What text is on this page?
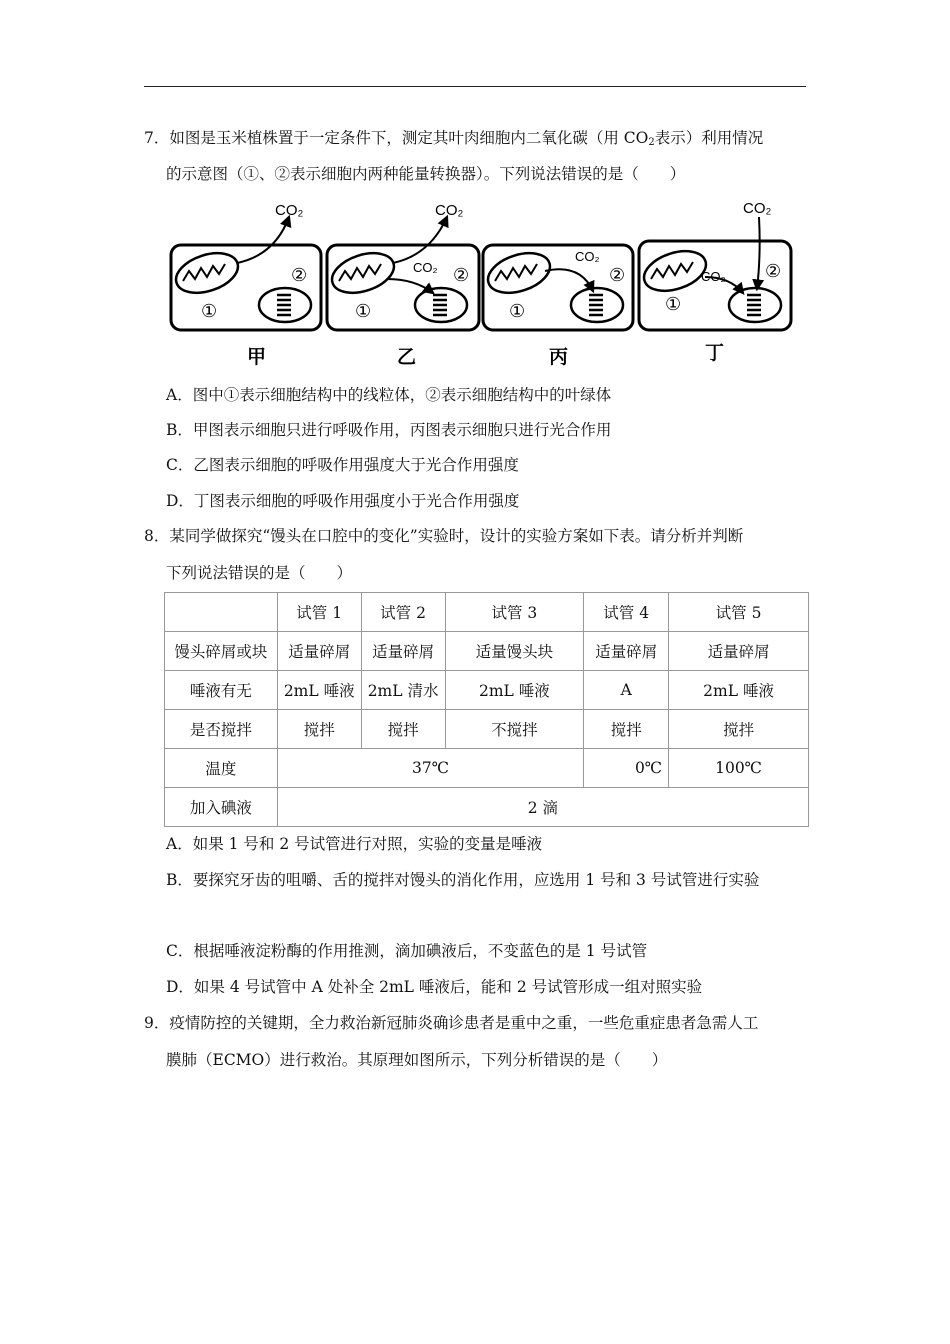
7．如图是玉米植株置于一定条件下，测定其叶肉细胞内二氧化碳（用 $CO_2$表示）利用情况
的示意图（①、②表示细胞内两种能量转换器）。下列说法错误的是（　　）
CO₂
①
②
CO₂
CO₂
①
②
CO₂
①
②
CO₂
CO₂
①
②
甲	乙	丙	丁
A．图中①表示细胞结构中的线粒体，②表示细胞结构中的叶绿体
B．甲图表示细胞只进行呼吸作用，丙图表示细胞只进行光合作用
C．乙图表示细胞的呼吸作用强度大于光合作用强度
D．丁图表示细胞的呼吸作用强度小于光合作用强度
8．某同学做探究“馒头在口腔中的变化”实验时，设计的实验方案如下表。请分析并判断
下列说法错误的是（　　）
	试管 1	试管 2	试管 3	试管 4	试管 5
馒头碎屑或块	适量碎屑	适量碎屑	适量馒头块	适量碎屑	适量碎屑
唾液有无	2mL 唾液	2mL 清水	2mL 唾液	A	2mL 唾液
是否搅拌	搅拌	搅拌	不搅拌	搅拌	搅拌
温度	37℃			0℃	100℃
加入碘液	2 滴				
A．如果 1 号和 2 号试管进行对照，实验的变量是唾液
B．要探究牙齿的咀嚼、舌的搅拌对馒头的消化作用，应选用 1 号和 3 号试管进行实验
C．根据唾液淀粉酶的作用推测，滴加碘液后，不变蓝色的是 1 号试管
D．如果 4 号试管中 A 处补全 2mL 唾液后，能和 2 号试管形成一组对照实验
9．疫情防控的关键期，全力救治新冠肺炎确诊患者是重中之重，一些危重症患者急需人工
膜肺（ECMO）进行救治。其原理如图所示，下列分析错误的是（　　）
